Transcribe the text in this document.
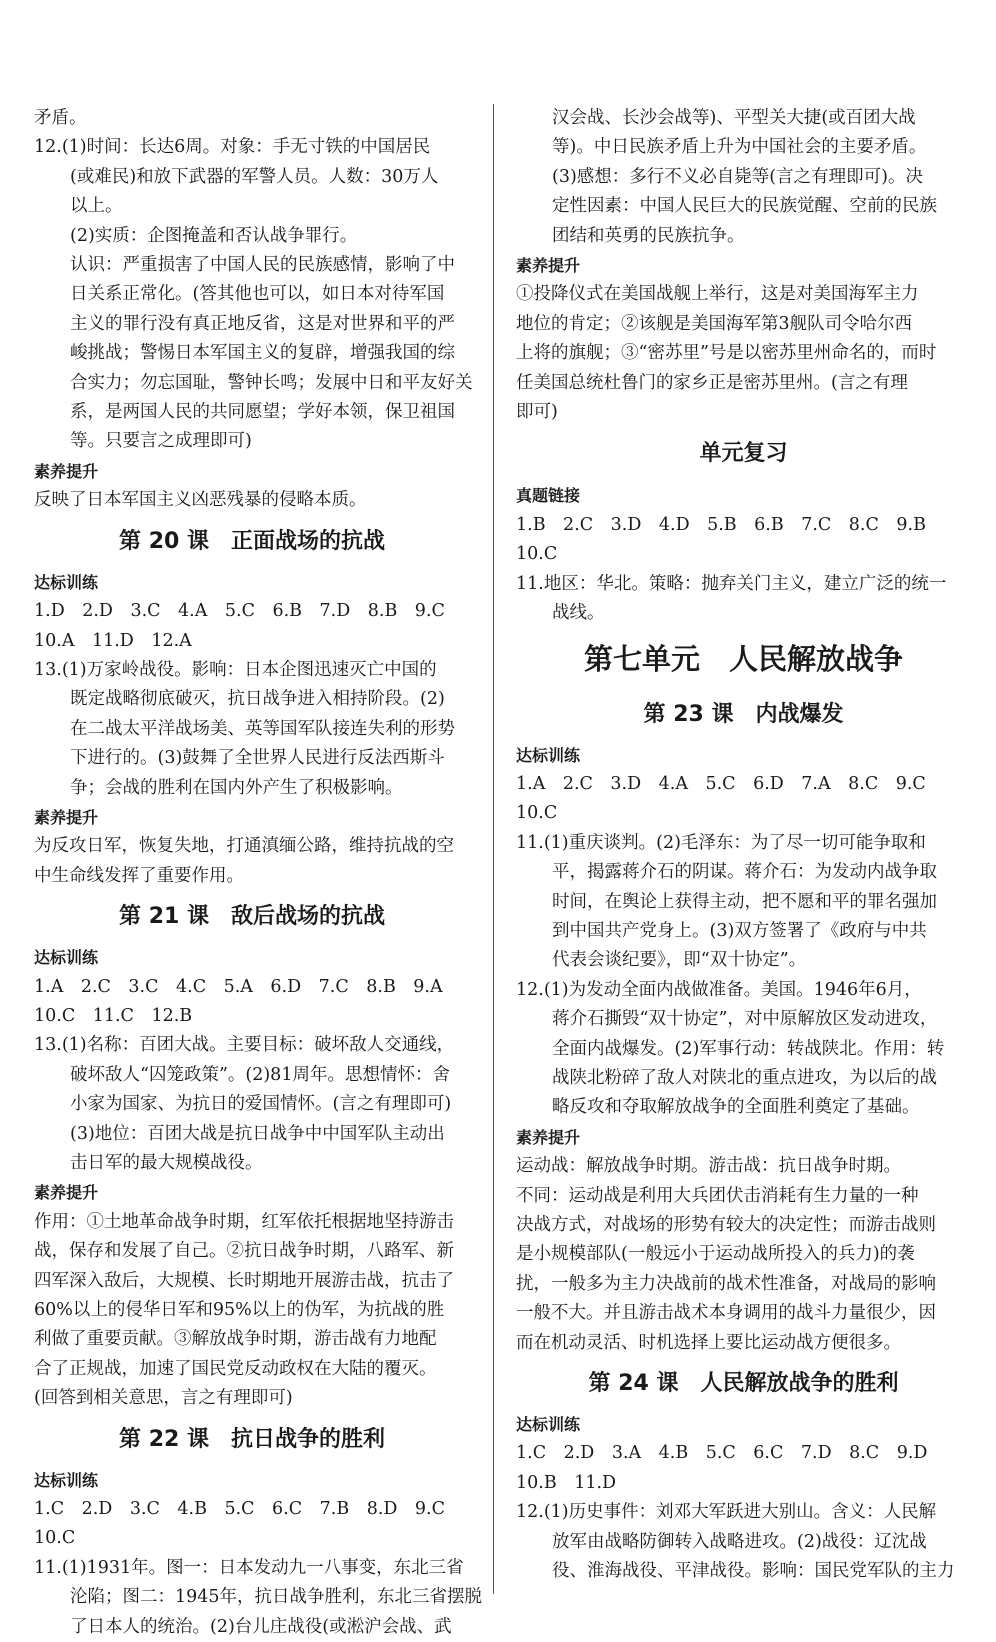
矛盾。
12.(1)时间：长达6周。对象：手无寸铁的中国居民
(或难民)和放下武器的军警人员。人数：30万人
以上。
(2)实质：企图掩盖和否认战争罪行。
认识：严重损害了中国人民的民族感情，影响了中
日关系正常化。(答其他也可以，如日本对待军国
主义的罪行没有真正地反省，这是对世界和平的严
峻挑战；警惕日本军国主义的复辟，增强我国的综
合实力；勿忘国耻，警钟长鸣；发展中日和平友好关
系，是两国人民的共同愿望；学好本领，保卫祖国
等。只要言之成理即可)
素养提升
反映了日本军国主义凶恶残暴的侵略本质。
第 20 课　正面战场的抗战
达标训练
1.D　2.D　3.C　4.A　5.C　6.B　7.D　8.B　9.C
10.A　11.D　12.A
13.(1)万家岭战役。影响：日本企图迅速灭亡中国的
既定战略彻底破灭，抗日战争进入相持阶段。(2)
在二战太平洋战场美、英等国军队接连失利的形势
下进行的。(3)鼓舞了全世界人民进行反法西斯斗
争；会战的胜利在国内外产生了积极影响。
素养提升
为反攻日军，恢复失地，打通滇缅公路，维持抗战的空
中生命线发挥了重要作用。
第 21 课　敌后战场的抗战
达标训练
1.A　2.C　3.C　4.C　5.A　6.D　7.C　8.B　9.A
10.C　11.C　12.B
13.(1)名称：百团大战。主要目标：破坏敌人交通线，
破坏敌人“囚笼政策”。(2)81周年。思想情怀：舍
小家为国家、为抗日的爱国情怀。(言之有理即可)
(3)地位：百团大战是抗日战争中中国军队主动出
击日军的最大规模战役。
素养提升
作用：①土地革命战争时期，红军依托根据地坚持游击
战，保存和发展了自己。②抗日战争时期，八路军、新
四军深入敌后，大规模、长时期地开展游击战，抗击了
60%以上的侵华日军和95%以上的伪军，为抗战的胜
利做了重要贡献。③解放战争时期，游击战有力地配
合了正规战，加速了国民党反动政权在大陆的覆灭。
(回答到相关意思，言之有理即可)
第 22 课　抗日战争的胜利
达标训练
1.C　2.D　3.C　4.B　5.C　6.C　7.B　8.D　9.C
10.C
11.(1)1931年。图一：日本发动九一八事变，东北三省
沦陷；图二：1945年，抗日战争胜利，东北三省摆脱
了日本人的统治。(2)台儿庄战役(或淞沪会战、武
汉会战、长沙会战等)、平型关大捷(或百团大战
等)。中日民族矛盾上升为中国社会的主要矛盾。
(3)感想：多行不义必自毙等(言之有理即可)。决
定性因素：中国人民巨大的民族觉醒、空前的民族
团结和英勇的民族抗争。
素养提升
①投降仪式在美国战舰上举行，这是对美国海军主力
地位的肯定；②该舰是美国海军第3舰队司令哈尔西
上将的旗舰；③“密苏里”号是以密苏里州命名的，而时
任美国总统杜鲁门的家乡正是密苏里州。(言之有理
即可)
单元复习
真题链接
1.B　2.C　3.D　4.D　5.B　6.B　7.C　8.C　9.B
10.C
11.地区：华北。策略：抛弃关门主义，建立广泛的统一
战线。
第七单元　人民解放战争
第 23 课　内战爆发
达标训练
1.A　2.C　3.D　4.A　5.C　6.D　7.A　8.C　9.C
10.C
11.(1)重庆谈判。(2)毛泽东：为了尽一切可能争取和
平，揭露蒋介石的阴谋。蒋介石：为发动内战争取
时间，在舆论上获得主动，把不愿和平的罪名强加
到中国共产党身上。(3)双方签署了《政府与中共
代表会谈纪要》，即“双十协定”。
12.(1)为发动全面内战做准备。美国。1946年6月，
蒋介石撕毁“双十协定”，对中原解放区发动进攻，
全面内战爆发。(2)军事行动：转战陕北。作用：转
战陕北粉碎了敌人对陕北的重点进攻，为以后的战
略反攻和夺取解放战争的全面胜利奠定了基础。
素养提升
运动战：解放战争时期。游击战：抗日战争时期。
不同：运动战是利用大兵团伏击消耗有生力量的一种
决战方式，对战场的形势有较大的决定性；而游击战则
是小规模部队(一般远小于运动战所投入的兵力)的袭
扰，一般多为主力决战前的战术性准备，对战局的影响
一般不大。并且游击战术本身调用的战斗力量很少，因
而在机动灵活、时机选择上要比运动战方便很多。
第 24 课　人民解放战争的胜利
达标训练
1.C　2.D　3.A　4.B　5.C　6.C　7.D　8.C　9.D
10.B　11.D
12.(1)历史事件：刘邓大军跃进大别山。含义：人民解
放军由战略防御转入战略进攻。(2)战役：辽沈战
役、淮海战役、平津战役。影响：国民党军队的主力
